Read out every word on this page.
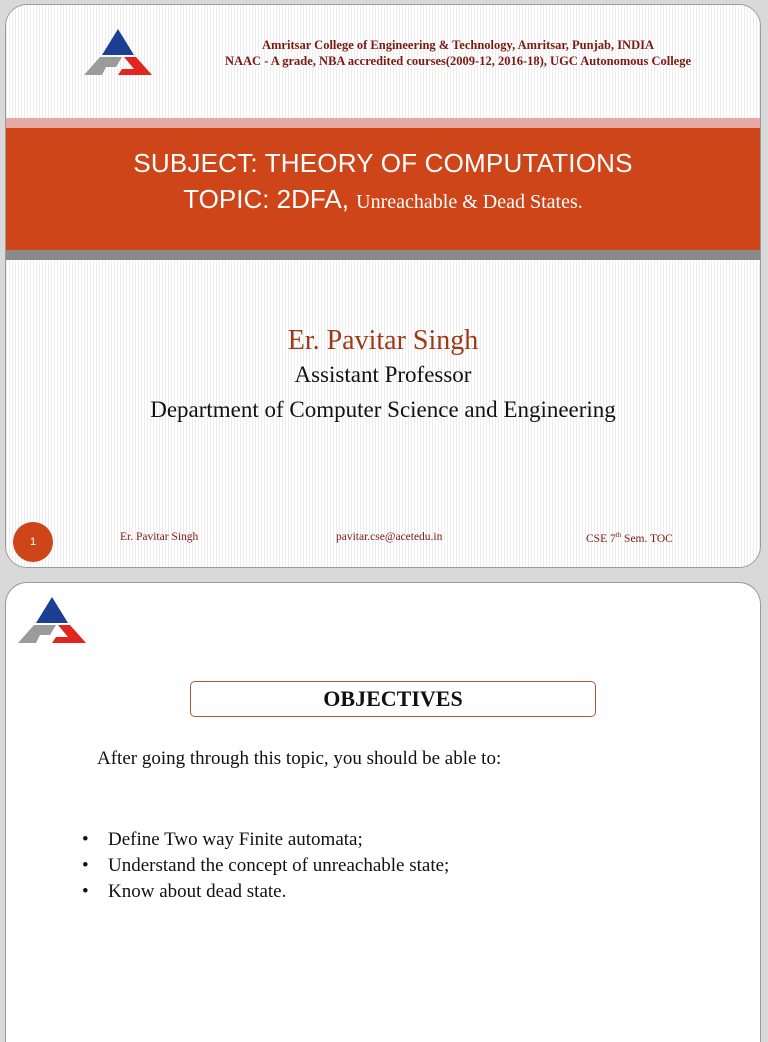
Amritsar College of Engineering & Technology, Amritsar, Punjab, INDIA
NAAC - A grade, NBA accredited courses(2009-12, 2016-18), UGC Autonomous College
SUBJECT: THEORY OF COMPUTATIONS
TOPIC: 2DFA, Unreachable & Dead States.
Er. Pavitar Singh
Assistant Professor
Department of Computer Science and Engineering
1	Er. Pavitar Singh	pavitar.cse@acetedu.in	CSE 7th Sem. TOC
OBJECTIVES
After going through this topic, you should be able to:
•	Define Two way Finite automata;
•	Understand the concept of unreachable state;
•	Know about dead state.
